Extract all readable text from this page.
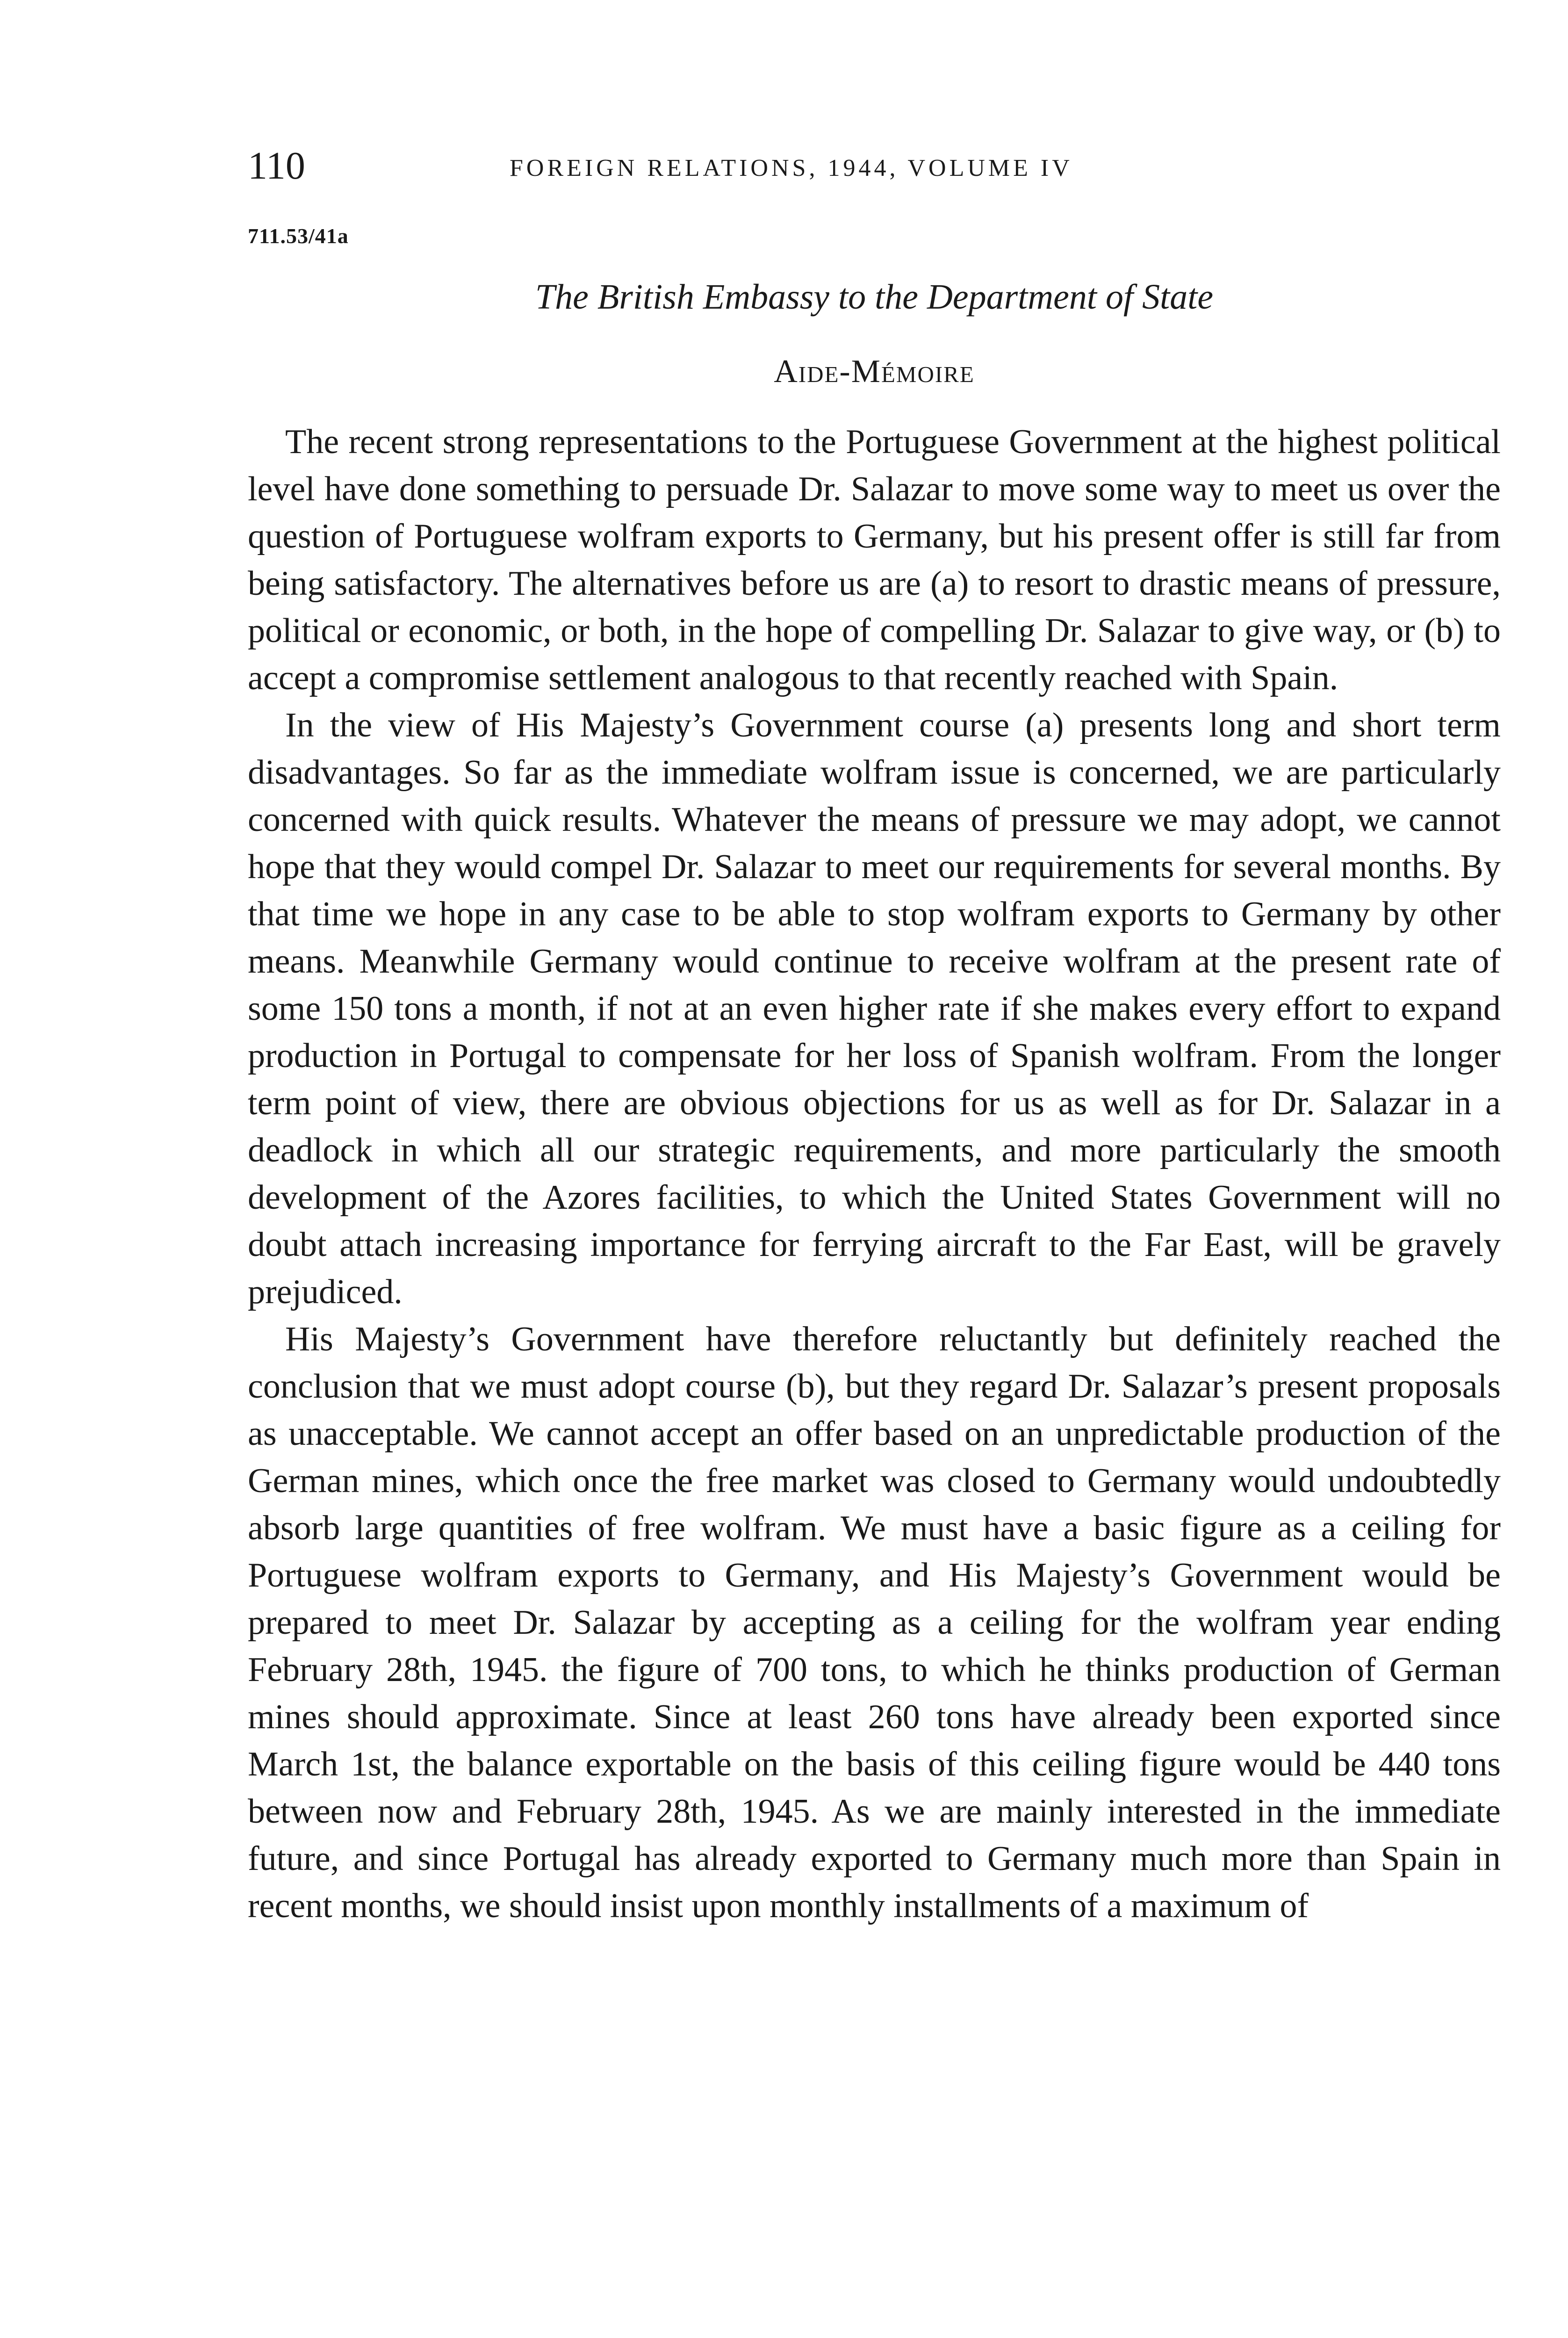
110	FOREIGN RELATIONS, 1944, VOLUME IV
711.53/41a
The British Embassy to the Department of State
Aide-Mémoire

The recent strong representations to the Portuguese Government at the highest political level have done something to persuade Dr. Salazar to move some way to meet us over the question of Portuguese wolfram exports to Germany, but his present offer is still far from being satisfactory. The alternatives before us are (a) to resort to drastic means of pressure, political or economic, or both, in the hope of compelling Dr. Salazar to give way, or (b) to accept a compromise settlement analogous to that recently reached with Spain.

In the view of His Majesty’s Government course (a) presents long and short term disadvantages. So far as the immediate wolfram issue is concerned, we are particularly concerned with quick results. Whatever the means of pressure we may adopt, we cannot hope that they would compel Dr. Salazar to meet our requirements for several months. By that time we hope in any case to be able to stop wolfram exports to Germany by other means. Meanwhile Germany would continue to receive wolfram at the present rate of some 150 tons a month, if not at an even higher rate if she makes every effort to expand production in Portugal to compensate for her loss of Spanish wolfram. From the longer term point of view, there are obvious objections for us as well as for Dr. Salazar in a deadlock in which all our strategic requirements, and more particularly the smooth development of the Azores facilities, to which the United States Government will no doubt attach increasing importance for ferrying aircraft to the Far East, will be gravely prejudiced.

His Majesty’s Government have therefore reluctantly but definitely reached the conclusion that we must adopt course (b), but they regard Dr. Salazar’s present proposals as unacceptable. We cannot accept an offer based on an unpredictable production of the German mines, which once the free market was closed to Germany would undoubtedly absorb large quantities of free wolfram. We must have a basic figure as a ceiling for Portuguese wolfram exports to Germany, and His Majesty’s Government would be prepared to meet Dr. Salazar by accepting as a ceiling for the wolfram year ending February 28th, 1945. the figure of 700 tons, to which he thinks production of German mines should approximate. Since at least 260 tons have already been exported since March 1st, the balance exportable on the basis of this ceiling figure would be 440 tons between now and February 28th, 1945. As we are mainly interested in the immediate future, and since Portugal has already exported to Germany much more than Spain in recent months, we should insist upon monthly installments of a maximum of
